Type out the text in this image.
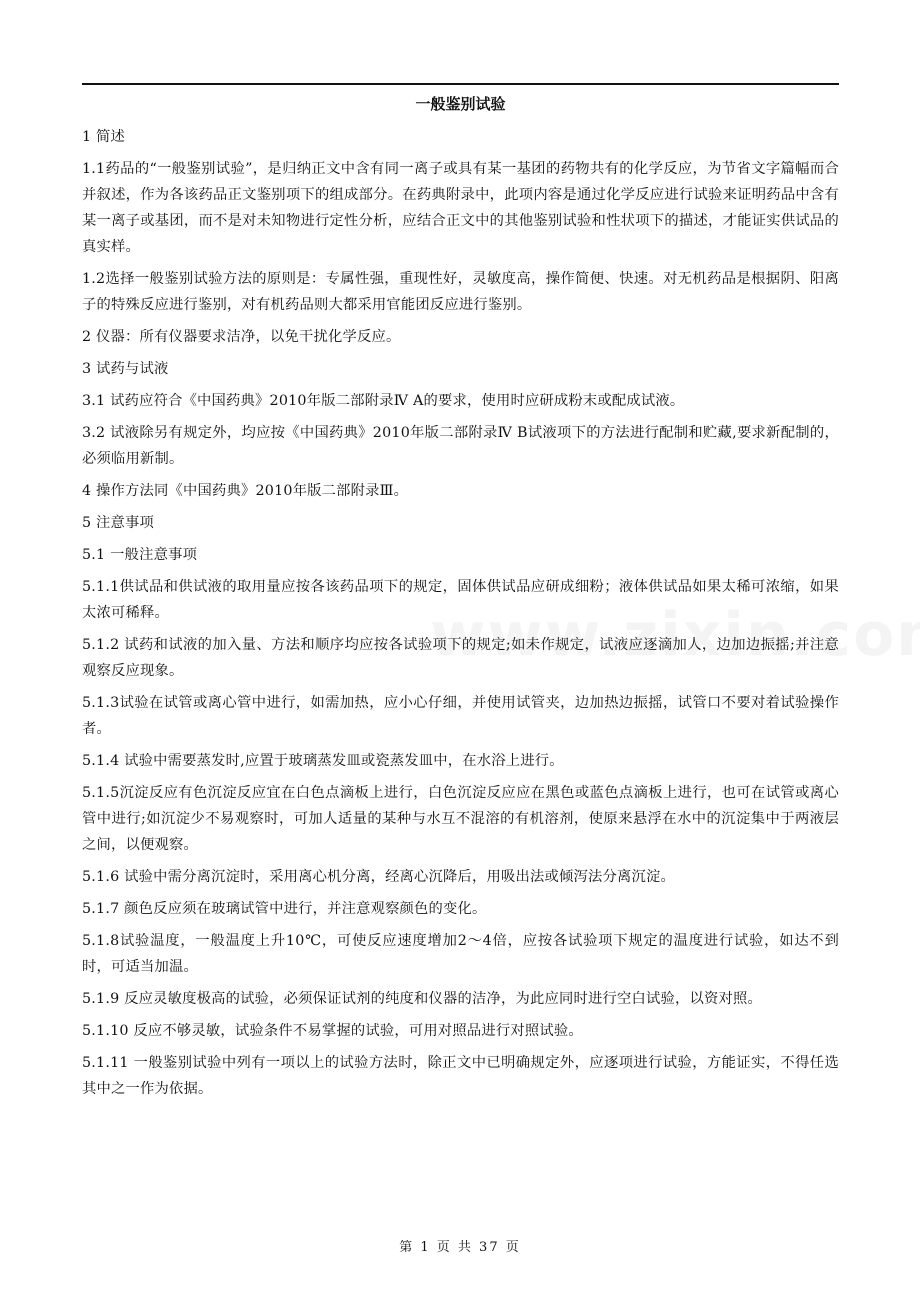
一般鉴别试验

1 简述

1.1药品的“一般鉴别试验”，是归纳正文中含有同一离子或具有某一基团的药物共有的化学反应，为节省文字篇幅而合并叙述，作为各该药品正文鉴别项下的组成部分。在药典附录中，此项内容是通过化学反应进行试验来证明药品中含有某一离子或基团，而不是对未知物进行定性分析，应结合正文中的其他鉴别试验和性状项下的描述，才能证实供试品的真实样。

1.2选择一般鉴别试验方法的原则是：专属性强，重现性好，灵敏度高，操作简便、快速。对无机药品是根据阴、阳离子的特殊反应进行鉴别，对有机药品则大都采用官能团反应进行鉴别。

2 仪器：所有仪器要求洁净，以免干扰化学反应。

3 试药与试液

3.1 试药应符合《中国药典》2010年版二部附录Ⅳ A的要求，使用时应研成粉末或配成试液。

3.2 试液除另有规定外，均应按《中国药典》2010年版二部附录Ⅳ B试液项下的方法进行配制和贮藏,要求新配制的，必须临用新制。

4 操作方法同《中国药典》2010年版二部附录Ⅲ。

5 注意事项

5.1 一般注意事项

5.1.1供试品和供试液的取用量应按各该药品项下的规定，固体供试品应研成细粉；液体供试品如果太稀可浓缩，如果太浓可稀释。

5.1.2 试药和试液的加入量、方法和顺序均应按各试验项下的规定;如未作规定，试液应逐滴加人，边加边振摇;并注意观察反应现象。

5.1.3试验在试管或离心管中进行，如需加热，应小心仔细，并使用试管夹，边加热边振摇，试管口不要对着试验操作者。

5.1.4 试验中需要蒸发时,应置于玻璃蒸发皿或瓷蒸发皿中，在水浴上进行。

5.1.5沉淀反应有色沉淀反应宜在白色点滴板上进行，白色沉淀反应应在黑色或蓝色点滴板上进行，也可在试管或离心管中进行;如沉淀少不易观察时，可加人适量的某种与水互不混溶的有机溶剂，使原来悬浮在水中的沉淀集中于两液层之间，以便观察。

5.1.6 试验中需分离沉淀时，采用离心机分离，经离心沉降后，用吸出法或倾泻法分离沉淀。

5.1.7 颜色反应须在玻璃试管中进行，并注意观察颜色的变化。

5.1.8试验温度，一般温度上升10℃，可使反应速度增加2～4倍，应按各试验项下规定的温度进行试验，如达不到时，可适当加温。

5.1.9 反应灵敏度极高的试验，必须保证试剂的纯度和仪器的洁净，为此应同时进行空白试验，以资对照。

5.1.10 反应不够灵敏，试验条件不易掌握的试验，可用对照品进行对照试验。

5.1.11 一般鉴别试验中列有一项以上的试验方法时，除正文中已明确规定外，应逐项进行试验，方能证实，不得任选其中之一作为依据。

第 1 页 共 37 页
